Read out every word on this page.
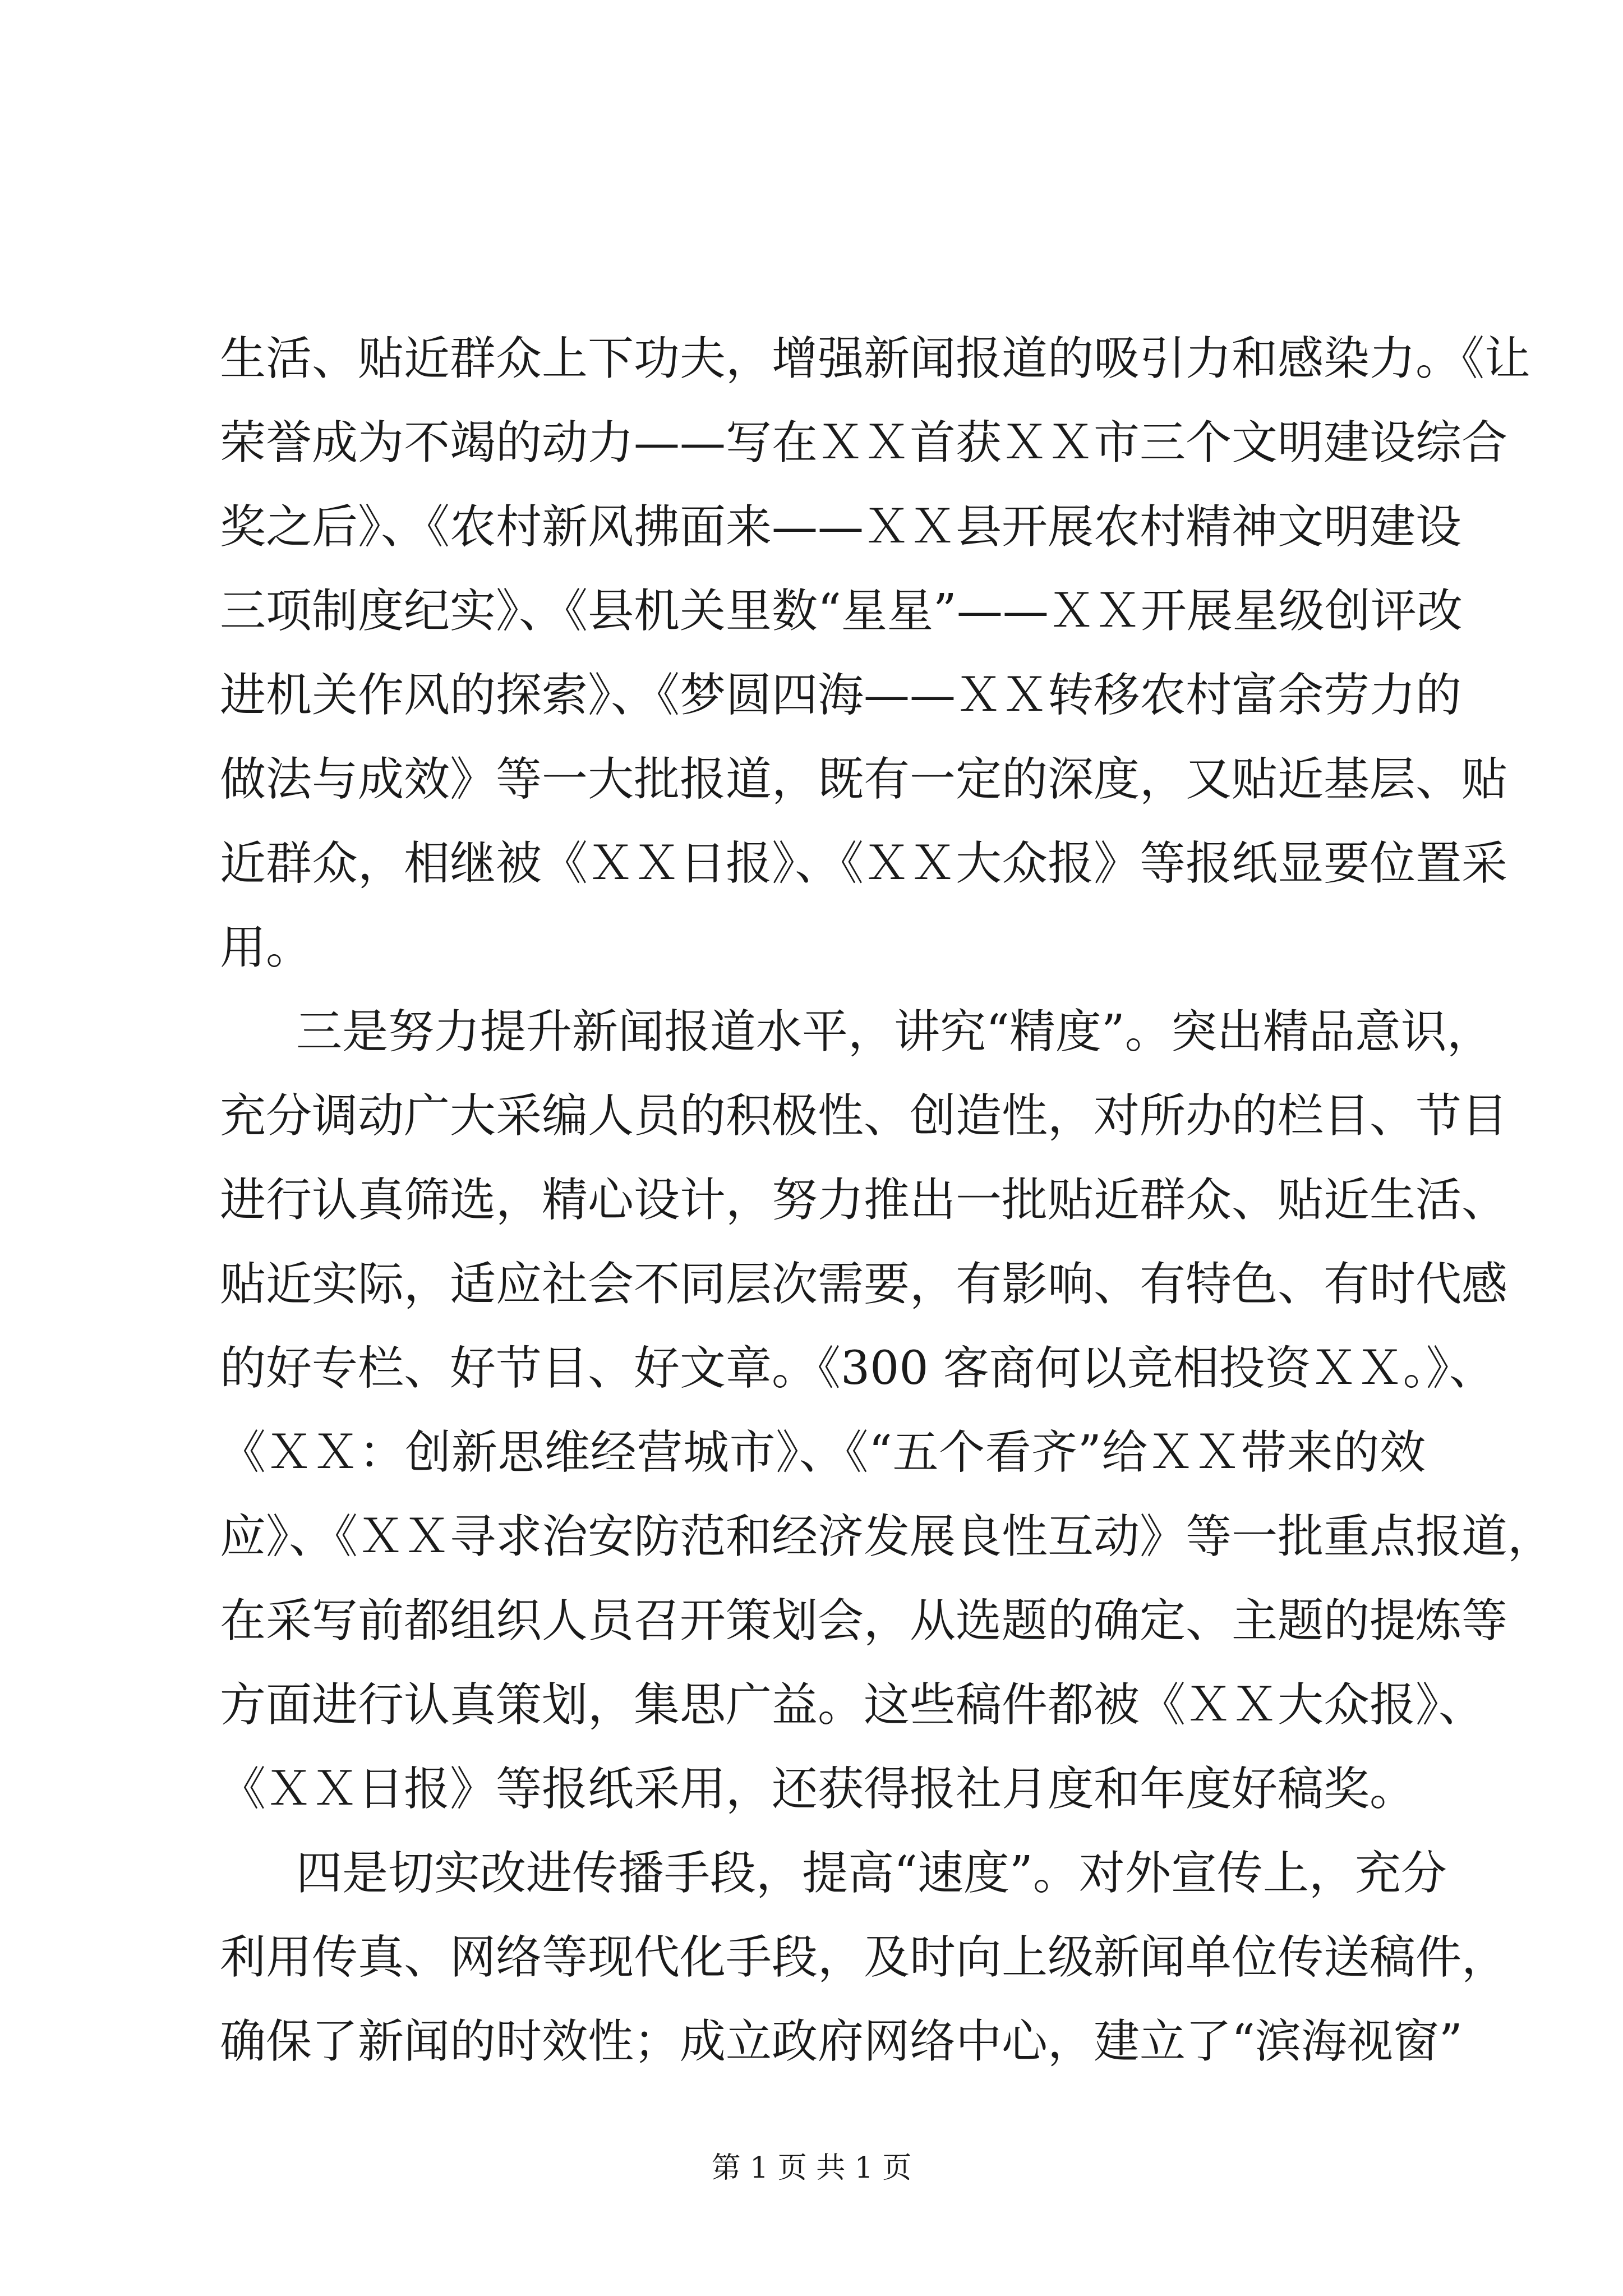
生活、贴近群众上下功夫，增强新闻报道的吸引力和感染力。《让
荣誉成为不竭的动力——写在ＸＸ首获ＸＸ市三个文明建设综合
奖之后》、《农村新风拂面来——ＸＸ县开展农村精神文明建设
三项制度纪实》、《县机关里数“星星”——ＸＸ开展星级创评改
进机关作风的探索》、《梦圆四海——ＸＸ转移农村富余劳力的
做法与成效》等一大批报道，既有一定的深度，又贴近基层、贴
近群众，相继被《ＸＸ日报》、《ＸＸ大众报》等报纸显要位置采
用。
三是努力提升新闻报道水平，讲究“精度”。突出精品意识，
充分调动广大采编人员的积极性、创造性，对所办的栏目、节目
进行认真筛选，精心设计，努力推出一批贴近群众、贴近生活、
贴近实际，适应社会不同层次需要，有影响、有特色、有时代感
的好专栏、好节目、好文章。《300 客商何以竞相投资ＸＸ。》、
《ＸＸ：创新思维经营城市》、《“五个看齐”给ＸＸ带来的效
应》、《ＸＸ寻求治安防范和经济发展良性互动》等一批重点报道，
在采写前都组织人员召开策划会，从选题的确定、主题的提炼等
方面进行认真策划，集思广益。这些稿件都被《ＸＸ大众报》、
《ＸＸ日报》等报纸采用，还获得报社月度和年度好稿奖。
四是切实改进传播手段，提高“速度”。对外宣传上，充分
利用传真、网络等现代化手段，及时向上级新闻单位传送稿件，
确保了新闻的时效性；成立政府网络中心，建立了“滨海视窗”
第 1 页 共 1 页
